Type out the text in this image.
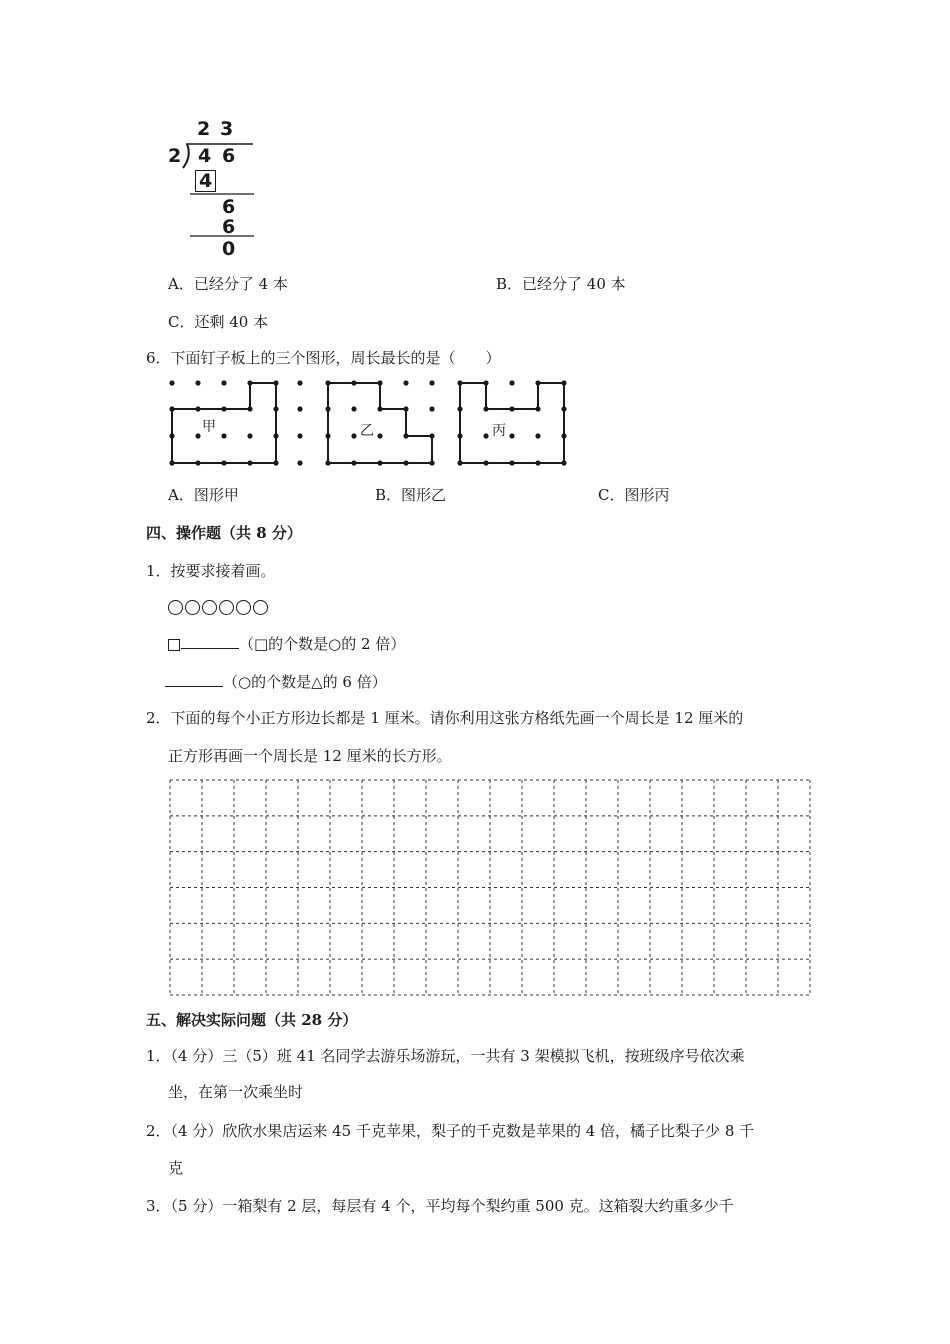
2 3
2 4 6
4
6
6
0
A．已经分了 4 本	B．已经分了 40 本
C．还剩 40 本
6．下面钉子板上的三个图形，周长最长的是（　　）
甲	乙	丙
A．图形甲	B．图形乙	C．图形丙
四、操作题（共 8 分）
1．按要求接着画。
（□的个数是○的 2 倍）
（○的个数是△的 6 倍）
2．下面的每个小正方形边长都是 1 厘米。请你利用这张方格纸先画一个周长是 12 厘米的
正方形再画一个周长是 12 厘米的长方形。
五、解决实际问题（共 28 分）
1．（4 分）三（5）班 41 名同学去游乐场游玩，一共有 3 架模拟飞机，按班级序号依次乘
坐，在第一次乘坐时
2．（4 分）欣欣水果店运来 45 千克苹果，梨子的千克数是苹果的 4 倍，橘子比梨子少 8 千
克
3．（5 分）一箱梨有 2 层，每层有 4 个，平均每个梨约重 500 克。这箱裂大约重多少千
